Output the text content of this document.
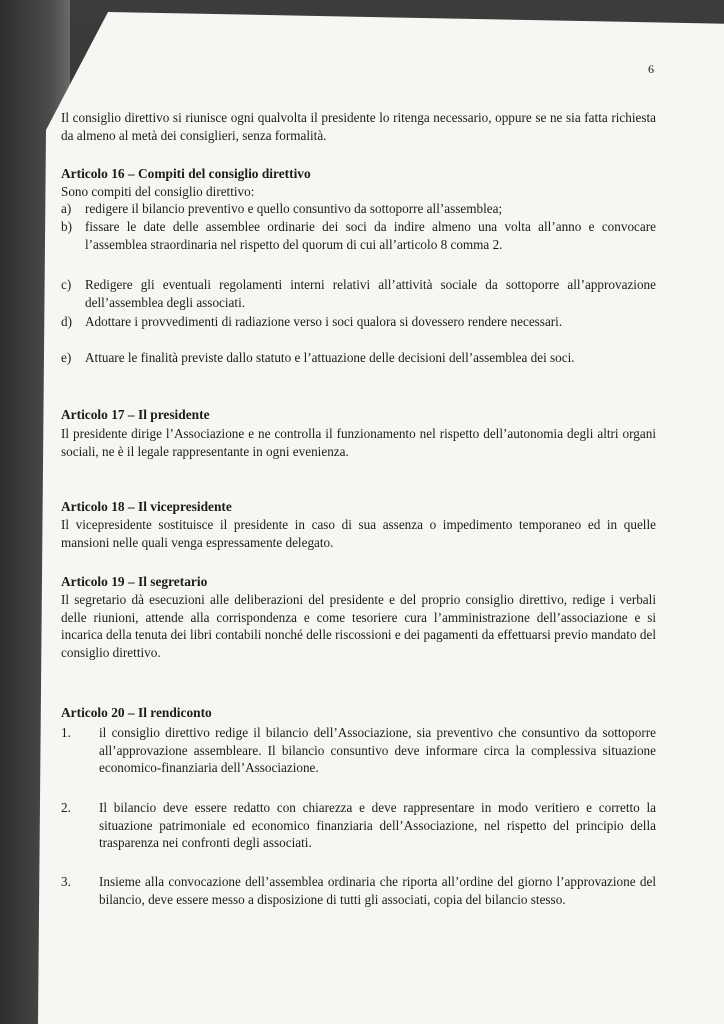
6
Il consiglio direttivo si riunisce ogni qualvolta il presidente lo ritenga necessario, oppure se ne sia fatta richiesta da almeno al metà dei consiglieri, senza formalità.
Articolo 16 – Compiti del consiglio direttivo
Sono compiti del consiglio direttivo:
a) redigere il bilancio preventivo e quello consuntivo da sottoporre all’assemblea;
b) fissare le date delle assemblee ordinarie dei soci da indire almeno una volta all’anno e convocare l’assemblea straordinaria nel rispetto del quorum di cui all’articolo 8 comma 2.
c) Redigere gli eventuali regolamenti interni relativi all’attività sociale da sottoporre all’approvazione dell’assemblea degli associati.
d) Adottare i provvedimenti di radiazione verso i soci qualora si dovessero rendere necessari.
e) Attuare le finalità previste dallo statuto e l’attuazione delle decisioni dell’assemblea dei soci.
Articolo 17 – Il presidente
Il presidente dirige l’Associazione e ne controlla il funzionamento nel rispetto dell’autonomia degli altri organi sociali, ne è il legale rappresentante in ogni evenienza.
Articolo 18 – Il vicepresidente
Il vicepresidente sostituisce il presidente in caso di sua assenza o impedimento temporaneo ed in quelle mansioni nelle quali venga espressamente delegato.
Articolo 19 – Il segretario
Il segretario dà esecuzioni alle deliberazioni del presidente e del proprio consiglio direttivo, redige i verbali delle riunioni, attende alla corrispondenza e come tesoriere cura l’amministrazione dell’associazione e si incarica della tenuta dei libri contabili nonché delle riscossioni e dei pagamenti da effettuarsi previo mandato del consiglio direttivo.
Articolo 20 – Il rendiconto
1. il consiglio direttivo redige il bilancio dell’Associazione, sia preventivo che consuntivo da sottoporre all’approvazione assembleare. Il bilancio consuntivo deve informare circa la complessiva situazione economico-finanziaria dell’Associazione.
2. Il bilancio deve essere redatto con chiarezza e deve rappresentare in modo veritiero e corretto la situazione patrimoniale ed economico finanziaria dell’Associazione, nel rispetto del principio della trasparenza nei confronti degli associati.
3. Insieme alla convocazione dell’assemblea ordinaria che riporta all’ordine del giorno l’approvazione del bilancio, deve essere messo a disposizione di tutti gli associati, copia del bilancio stesso.
